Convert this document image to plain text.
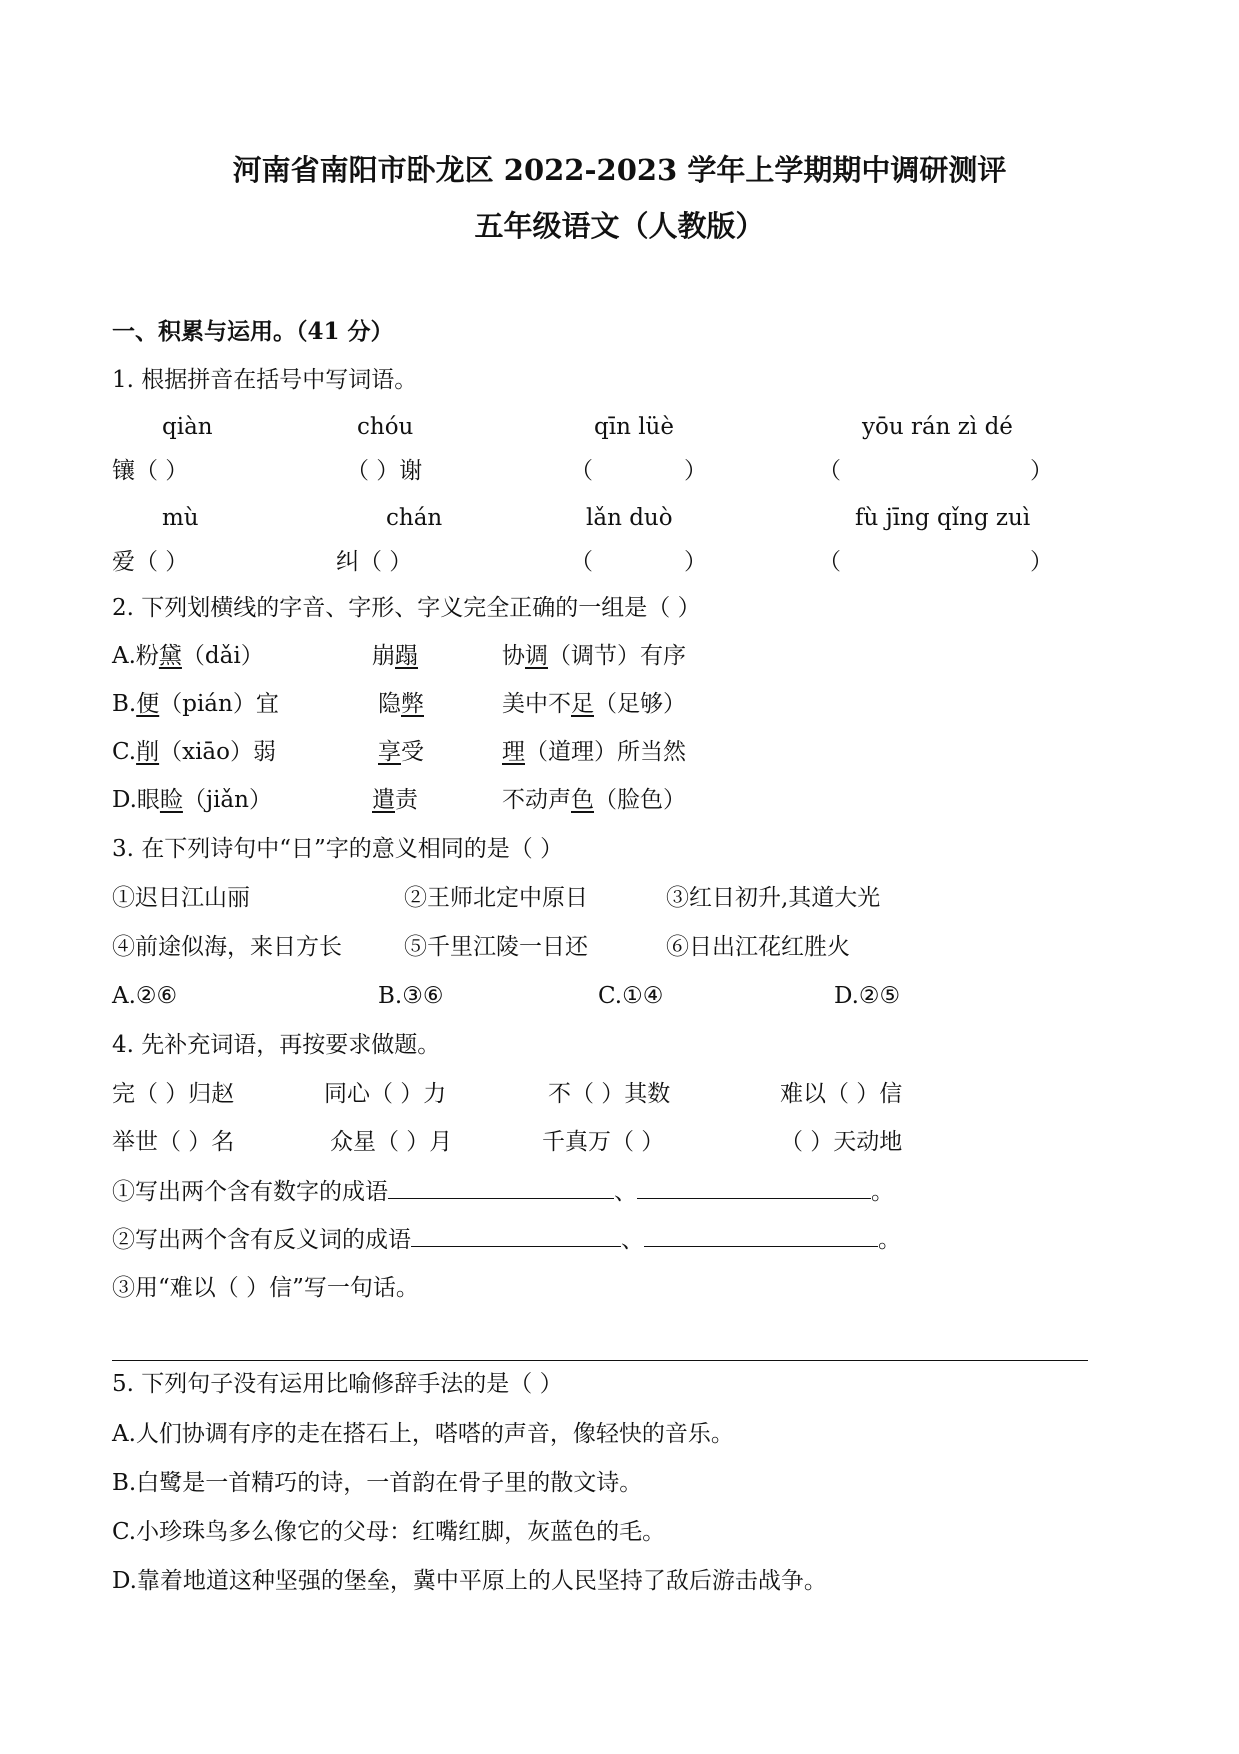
河南省南阳市卧龙区 2022-2023 学年上学期期中调研测评
五年级语文（人教版）
一、积累与运用。（41 分）
1. 根据拼音在括号中写词语。
qiàn	chóu	qīn lüè	yōu rán zì dé
镶（ ）	（ ）谢	（	）	（	）
mù	chán	lǎn duò	fù jīng qǐng zuì
爱（ ）	纠（ ）	（	）	（	）
2. 下列划横线的字音、字形、字义完全正确的一组是（ ）
A.粉黛（dǎi）	崩蹋	协调（调节）有序
B.便（pián）宜	隐弊	美中不足（足够）
C.削（xiāo）弱	享受	理（道理）所当然
D.眼睑（jiǎn）	遣责	不动声色（脸色）
3. 在下列诗句中“日”字的意义相同的是（ ）
①迟日江山丽	②王师北定中原日	③红日初升,其道大光
④前途似海，来日方长	⑤千里江陵一日还	⑥日出江花红胜火
A.②⑥	B.③⑥	C.①④	D.②⑤
4. 先补充词语，再按要求做题。
完（ ）归赵	同心（ ）力	不（ ）其数	难以（ ）信
举世（ ）名	众星（ ）月	千真万（ ）	（ ）天动地
①写出两个含有数字的成语	、	。
②写出两个含有反义词的成语	、	。
③用“难以（ ）信”写一句话。
5. 下列句子没有运用比喻修辞手法的是（ ）
A.人们协调有序的走在搭石上，嗒嗒的声音，像轻快的音乐。
B.白鹭是一首精巧的诗，一首韵在骨子里的散文诗。
C.小珍珠鸟多么像它的父母：红嘴红脚，灰蓝色的毛。
D.靠着地道这种坚强的堡垒，冀中平原上的人民坚持了敌后游击战争。
